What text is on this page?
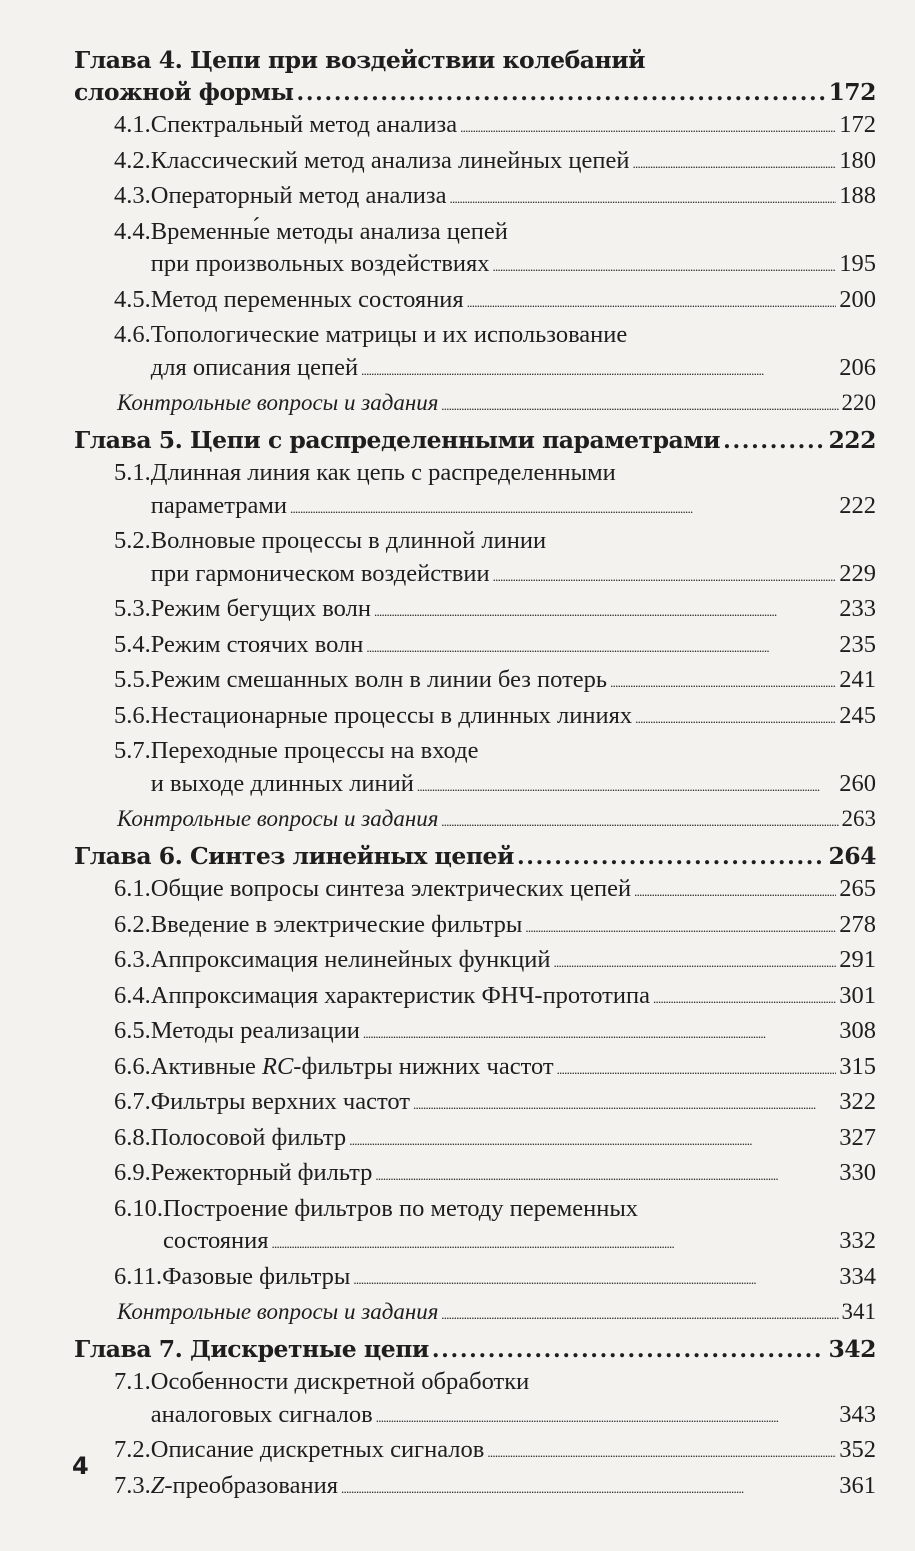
Глава 4. Цепи при воздействии колебаний
сложной формы . . .	172
4.1. Спектральный метод анализа . . .	172
4.2. Классический метод анализа линейных цепей . . .	180
4.3. Операторный метод анализа . . .	188
4.4. Временны́е методы анализа цепей
при произвольных воздействиях . . .	195
4.5. Метод переменных состояния . . .	200
4.6. Топологические матрицы и их использование
для описания цепей . . .	206
Контрольные вопросы и задания . . .	220
Глава 5. Цепи с распределенными параметрами . . .	222
5.1. Длинная линия как цепь с распределенными
параметрами . . .	222
5.2. Волновые процессы в длинной линии
при гармоническом воздействии . . .	229
5.3. Режим бегущих волн . . .	233
5.4. Режим стоячих волн . . .	235
5.5. Режим смешанных волн в линии без потерь . . .	241
5.6. Нестационарные процессы в длинных линиях . . .	245
5.7. Переходные процессы на входе
и выходе длинных линий . . .	260
Контрольные вопросы и задания . . .	263
Глава 6. Синтез линейных цепей . . .	264
6.1. Общие вопросы синтеза электрических цепей . . .	265
6.2. Введение в электрические фильтры . . .	278
6.3. Аппроксимация нелинейных функций . . .	291
6.4. Аппроксимация характеристик ФНЧ-прототипа . . .	301
6.5. Методы реализации . . .	308
6.6. Активные RC-фильтры нижних частот . . .	315
6.7. Фильтры верхних частот . . .	322
6.8. Полосовой фильтр . . .	327
6.9. Режекторный фильтр . . .	330
6.10. Построение фильтров по методу переменных
состояния . . .	332
6.11. Фазовые фильтры . . .	334
Контрольные вопросы и задания . . .	341
Глава 7. Дискретные цепи . . .	342
7.1. Особенности дискретной обработки
аналоговых сигналов . . .	343
7.2. Описание дискретных сигналов . . .	352
7.3. Z-преобразования . . .	361
4
